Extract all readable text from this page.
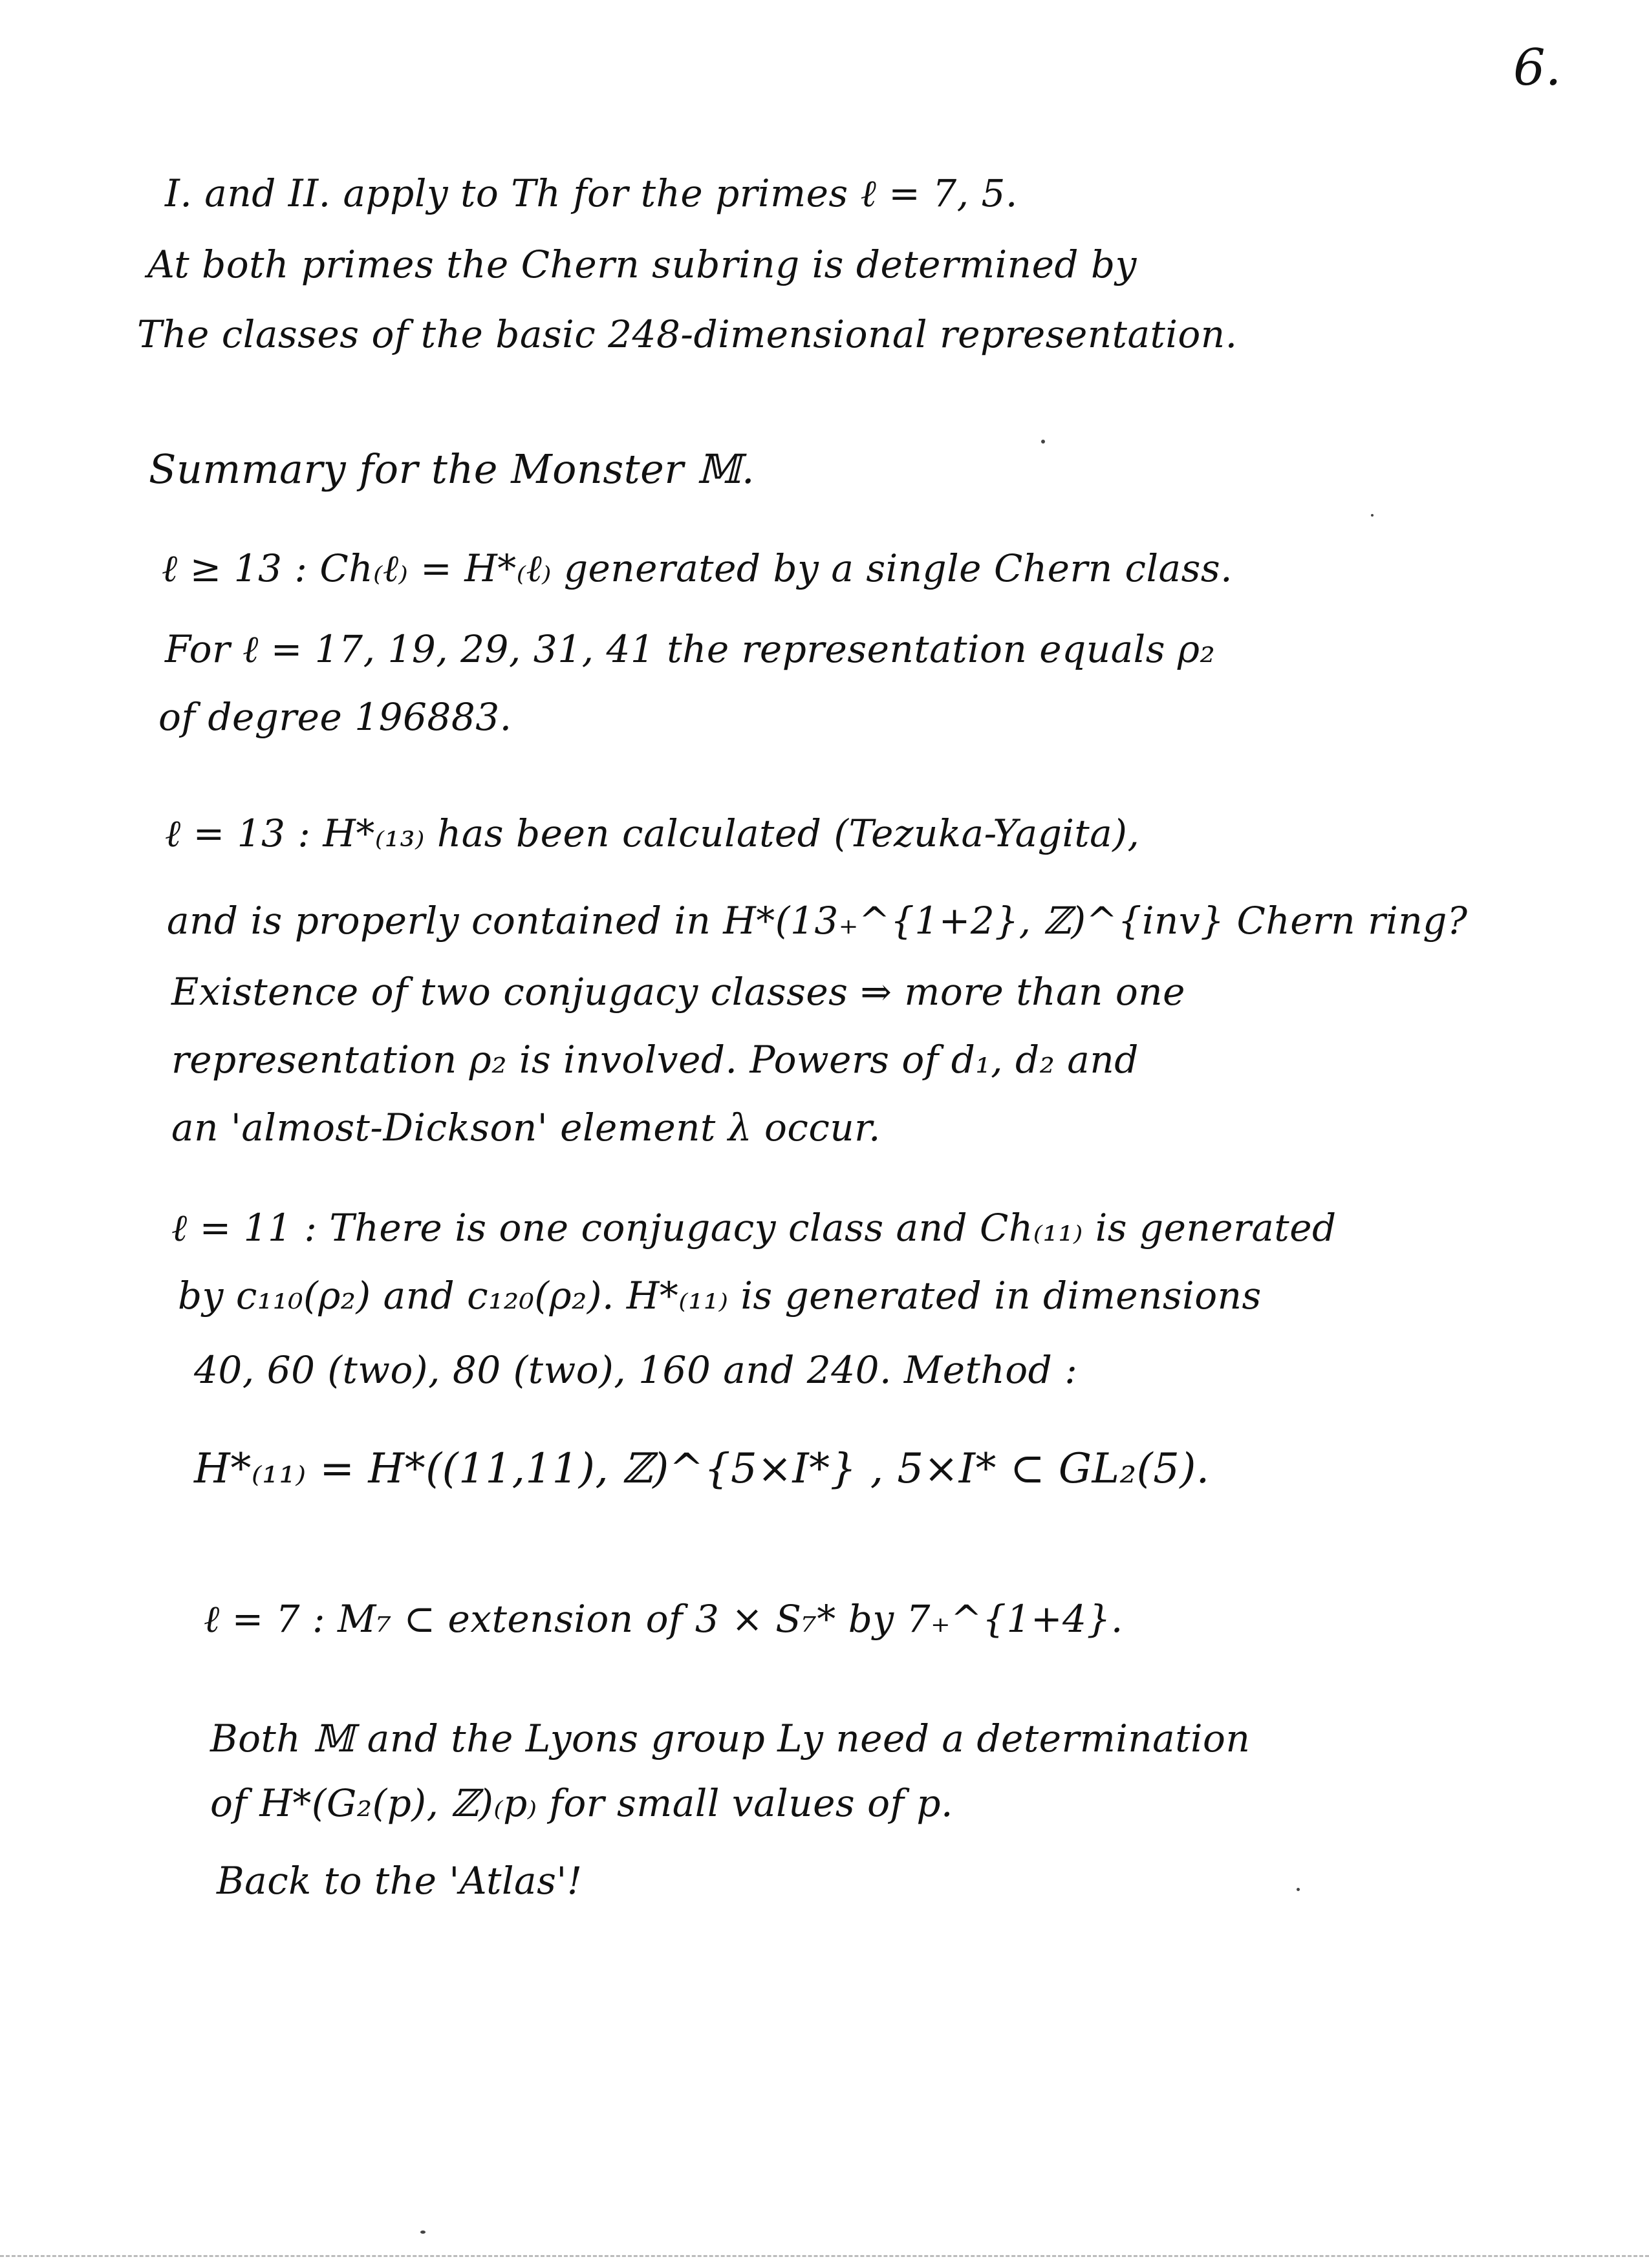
6.
I. and II. apply to Th for the primes ℓ = 7, 5.
At both primes the Chern subring is determined by
The classes of the basic 248-dimensional representation.
Summary for the Monster 𝕄.
ℓ ≥ 13 : Ch₍ℓ₎ = H*₍ℓ₎ generated by a single Chern class.
For ℓ = 17, 19, 29, 31, 41 the representation equals ρ₂
of degree 196883.
ℓ = 13 : H*₍₁₃₎ has been calculated (Tezuka-Yagita),
and is properly contained in H*(13₊^{1+2}, ℤ)^{inv} Chern ring?
Existence of two conjugacy classes ⇒ more than one
representation ρ₂ is involved. Powers of d₁, d₂ and
an 'almost-Dickson' element λ occur.
ℓ = 11 : There is one conjugacy class and Ch₍₁₁₎ is generated
by c₁₁₀(ρ₂) and c₁₂₀(ρ₂). H*₍₁₁₎ is generated in dimensions
40, 60 (two), 80 (two), 160 and 240. Method :
H*₍₁₁₎ = H*((11,11), ℤ)^{5×I*} , 5×I* ⊂ GL₂(5).
ℓ = 7 : M₇ ⊂ extension of 3 × S₇* by 7₊^{1+4}.
Both 𝕄 and the Lyons group Ly need a determination
of H*(G₂(p), ℤ)₍p₎ for small values of p.
Back to the 'Atlas'!
